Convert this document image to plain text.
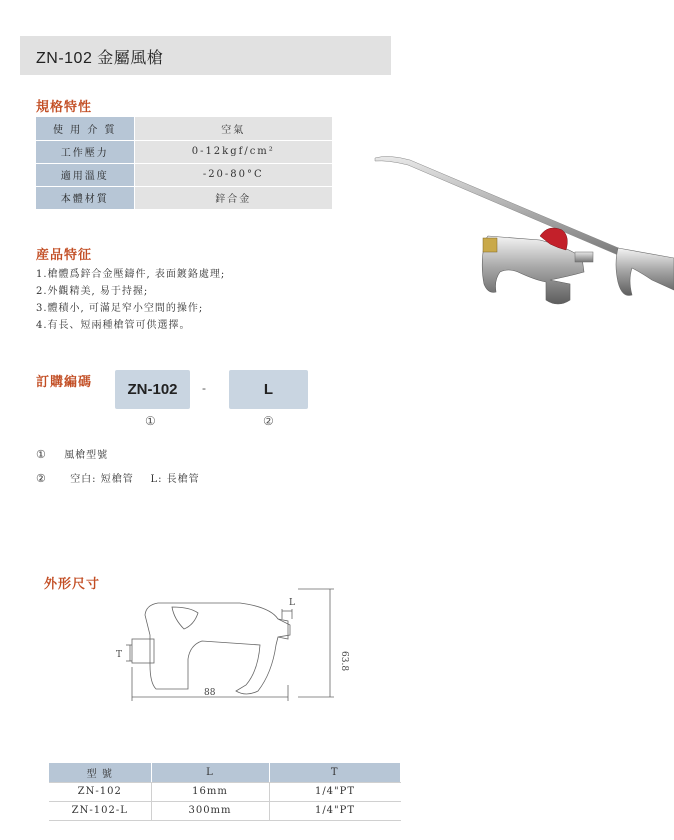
ZN-102 金屬風槍
規格特性
使 用 介 質	空氣
工作壓力	0-12kgf/cm²
適用溫度	-20-80°C
本體材質	鋅合金
産品特征
1.槍體爲鋅合金壓鑄件, 表面鍍鉻處理;
2.外觀精美, 易于持握;
3.體積小, 可滿足窄小空間的操作;
4.有長、短兩種槍管可供選擇。
訂購編碼	ZN-102	-	L
①	②
① 風槍型號
② 空白: 短槍管    L: 長槍管
外形尺寸
L
T
88
63.8
型 號	L	T
ZN-102	16mm	1/4"PT
ZN-102-L	300mm	1/4"PT
